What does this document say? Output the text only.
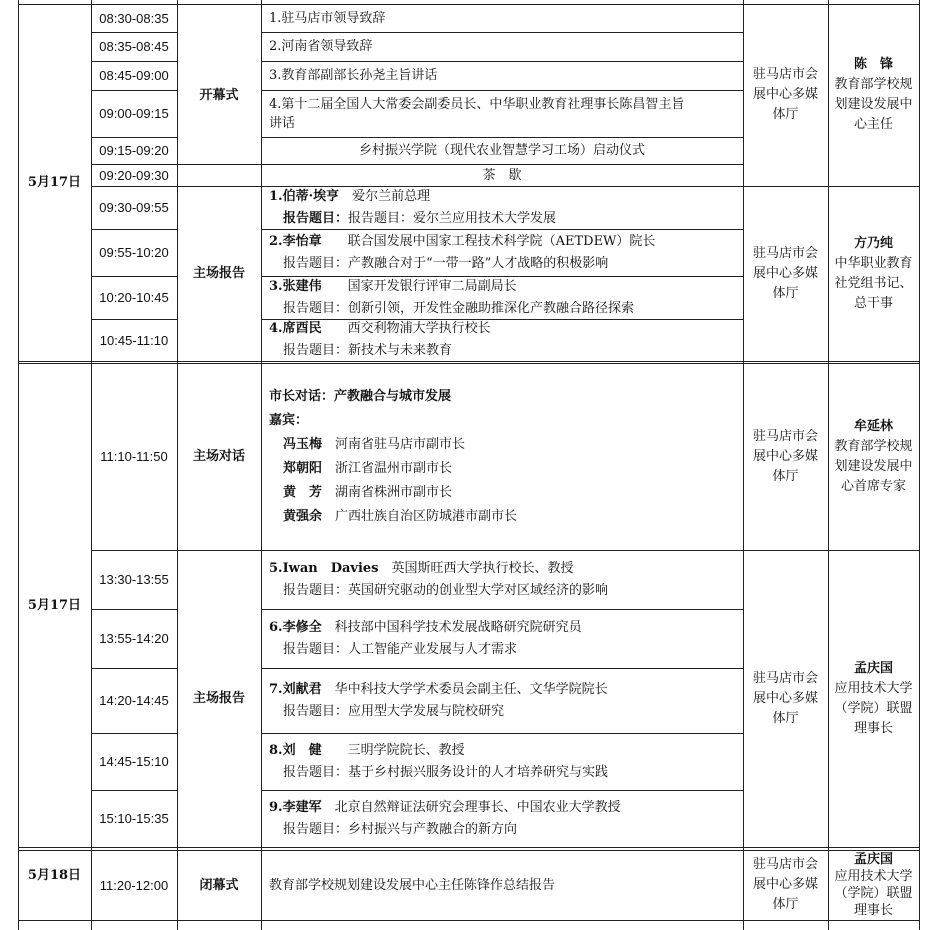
5月17日
5月17日
5月18日
08:30-08:35
08:35-08:45
08:45-09:00
09:00-09:15
09:15-09:20
09:20-09:30
09:30-09:55
09:55-10:20
10:20-10:45
10:45-11:10
11:10-11:50
13:30-13:55
13:55-14:20
14:20-14:45
14:45-15:10
15:10-15:35
11:20-12:00
开幕式
主场报告
主场对话
主场报告
闭幕式
1.驻马店市领导致辞
2.河南省领导致辞
3.教育部副部长孙尧主旨讲话
4.第十二届全国人大常委会副委员长、中华职业教育社理事长陈昌智主旨
讲话
乡村振兴学院（现代农业智慧学习工场）启动仪式
茶　歇
1.伯蒂·埃亨　 爱尔兰前总理
报告题目：报告题目：爱尔兰应用技术大学发展
2.李怡章　　 联合国发展中国家工程技术科学院（AETDEW）院长
报告题目：产教融合对于“一带一路”人才战略的积极影响
3.张建伟　　 国家开发银行评审二局副局长
报告题目：创新引领，开发性金融助推深化产教融合路径探索
4.席酉民　　 西交利物浦大学执行校长
报告题目：新技术与未来教育
市长对话：产教融合与城市发展
嘉宾：
冯玉梅　 河南省驻马店市副市长
郑朝阳　 浙江省温州市副市长
黄　芳　 湖南省株洲市副市长
黄强余　 广西壮族自治区防城港市副市长
5.Iwan　Davies　 英国斯旺西大学执行校长、教授
报告题目：英国研究驱动的创业型大学对区域经济的影响
6.李修全　 科技部中国科学技术发展战略研究院研究员
报告题目：人工智能产业发展与人才需求
7.刘献君　 华中科技大学学术委员会副主任、文华学院院长
报告题目：应用型大学发展与院校研究
8.刘　健　　 三明学院院长、教授
报告题目：基于乡村振兴服务设计的人才培养研究与实践
9.李建军　 北京自然辩证法研究会理事长、中国农业大学教授
报告题目：乡村振兴与产教融合的新方向
教育部学校规划建设发展中心主任陈锋作总结报告
驻马店市会展中心多媒体厅
驻马店市会展中心多媒体厅
驻马店市会展中心多媒体厅
驻马店市会展中心多媒体厅
驻马店市会展中心多媒体厅
陈　锋
教育部学校规划建设发展中心主任
方乃纯
中华职业教育社党组书记、总干事
牟延林
教育部学校规划建设发展中心首席专家
孟庆国
应用技术大学（学院）联盟理事长
孟庆国
应用技术大学（学院）联盟理事长
